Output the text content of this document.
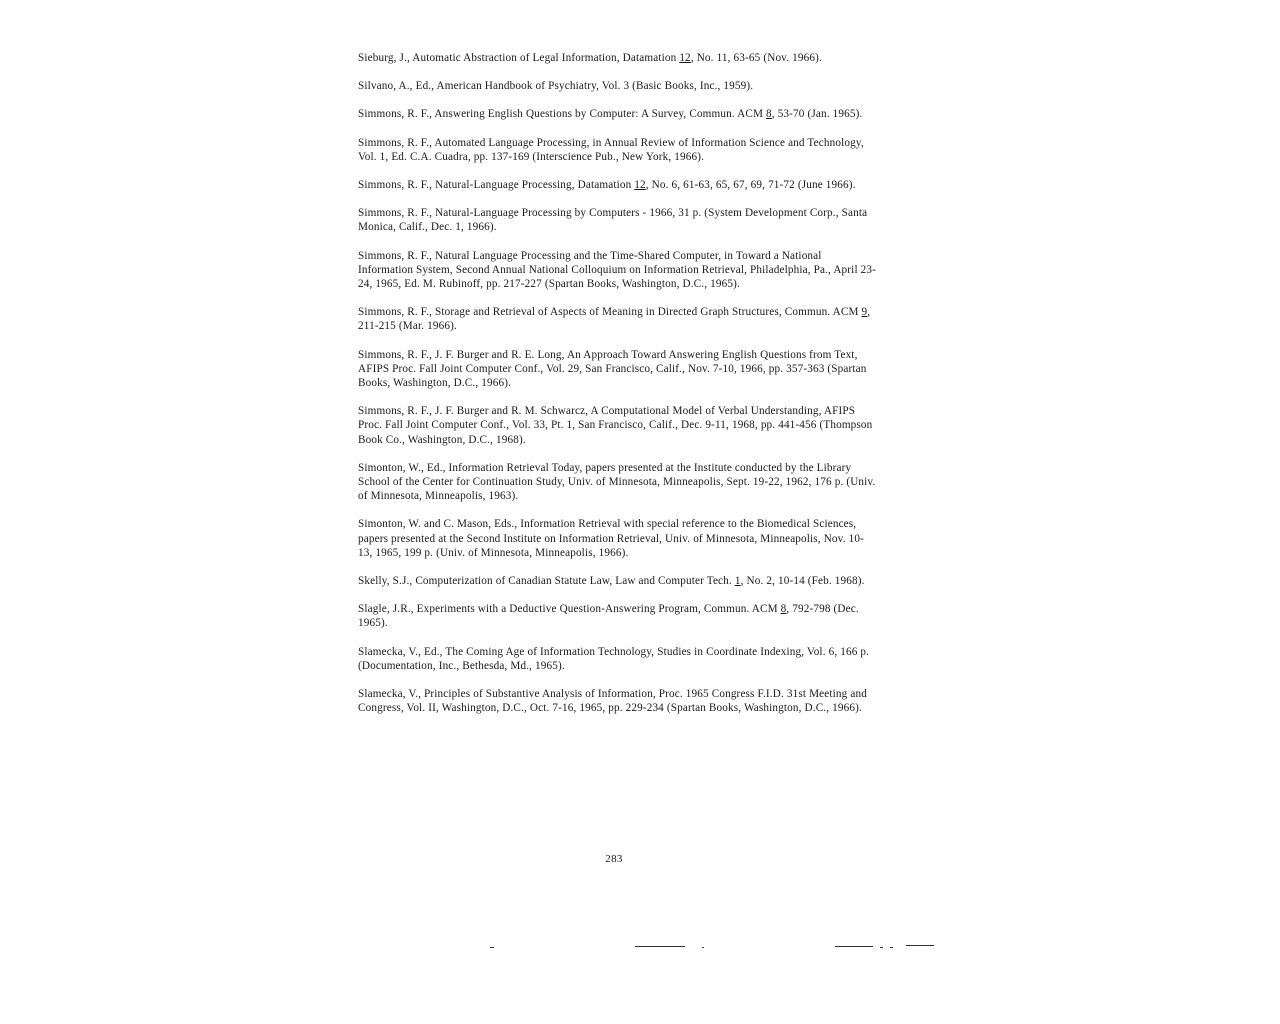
Sieburg, J., Automatic Abstraction of Legal Information, Datamation 12, No. 11, 63-65 (Nov. 1966).
Silvano, A., Ed., American Handbook of Psychiatry, Vol. 3 (Basic Books, Inc., 1959).
Simmons, R. F., Answering English Questions by Computer: A Survey, Commun. ACM 8, 53-70 (Jan. 1965).
Simmons, R. F., Automated Language Processing, in Annual Review of Information Science and Technology, Vol. 1, Ed. C.A. Cuadra, pp. 137-169 (Interscience Pub., New York, 1966).
Simmons, R. F., Natural-Language Processing, Datamation 12, No. 6, 61-63, 65, 67, 69, 71-72 (June 1966).
Simmons, R. F., Natural-Language Processing by Computers - 1966, 31 p. (System Development Corp., Santa Monica, Calif., Dec. 1, 1966).
Simmons, R. F., Natural Language Processing and the Time-Shared Computer, in Toward a National Information System, Second Annual National Colloquium on Information Retrieval, Philadelphia, Pa., April 23-24, 1965, Ed. M. Rubinoff, pp. 217-227 (Spartan Books, Washington, D.C., 1965).
Simmons, R. F., Storage and Retrieval of Aspects of Meaning in Directed Graph Structures, Commun. ACM 9, 211-215 (Mar. 1966).
Simmons, R. F., J. F. Burger and R. E. Long, An Approach Toward Answering English Questions from Text, AFIPS Proc. Fall Joint Computer Conf., Vol. 29, San Francisco, Calif., Nov. 7-10, 1966, pp. 357-363 (Spartan Books, Washington, D.C., 1966).
Simmons, R. F., J. F. Burger and R. M. Schwarcz, A Computational Model of Verbal Understanding, AFIPS Proc. Fall Joint Computer Conf., Vol. 33, Pt. 1, San Francisco, Calif., Dec. 9-11, 1968, pp. 441-456 (Thompson Book Co., Washington, D.C., 1968).
Simonton, W., Ed., Information Retrieval Today, papers presented at the Institute conducted by the Library School of the Center for Continuation Study, Univ. of Minnesota, Minneapolis, Sept. 19-22, 1962, 176 p. (Univ. of Minnesota, Minneapolis, 1963).
Simonton, W. and C. Mason, Eds., Information Retrieval with special reference to the Biomedical Sciences, papers presented at the Second Institute on Information Retrieval, Univ. of Minnesota, Minneapolis, Nov. 10-13, 1965, 199 p. (Univ. of Minnesota, Minneapolis, 1966).
Skelly, S.J., Computerization of Canadian Statute Law, Law and Computer Tech. 1, No. 2, 10-14 (Feb. 1968).
Slagle, J.R., Experiments with a Deductive Question-Answering Program, Commun. ACM 8, 792-798 (Dec. 1965).
Slamecka, V., Ed., The Coming Age of Information Technology, Studies in Coordinate Indexing, Vol. 6, 166 p. (Documentation, Inc., Bethesda, Md., 1965).
Slamecka, V., Principles of Substantive Analysis of Information, Proc. 1965 Congress F.I.D. 31st Meeting and Congress, Vol. II, Washington, D.C., Oct. 7-16, 1965, pp. 229-234 (Spartan Books, Washington, D.C., 1966).
283
